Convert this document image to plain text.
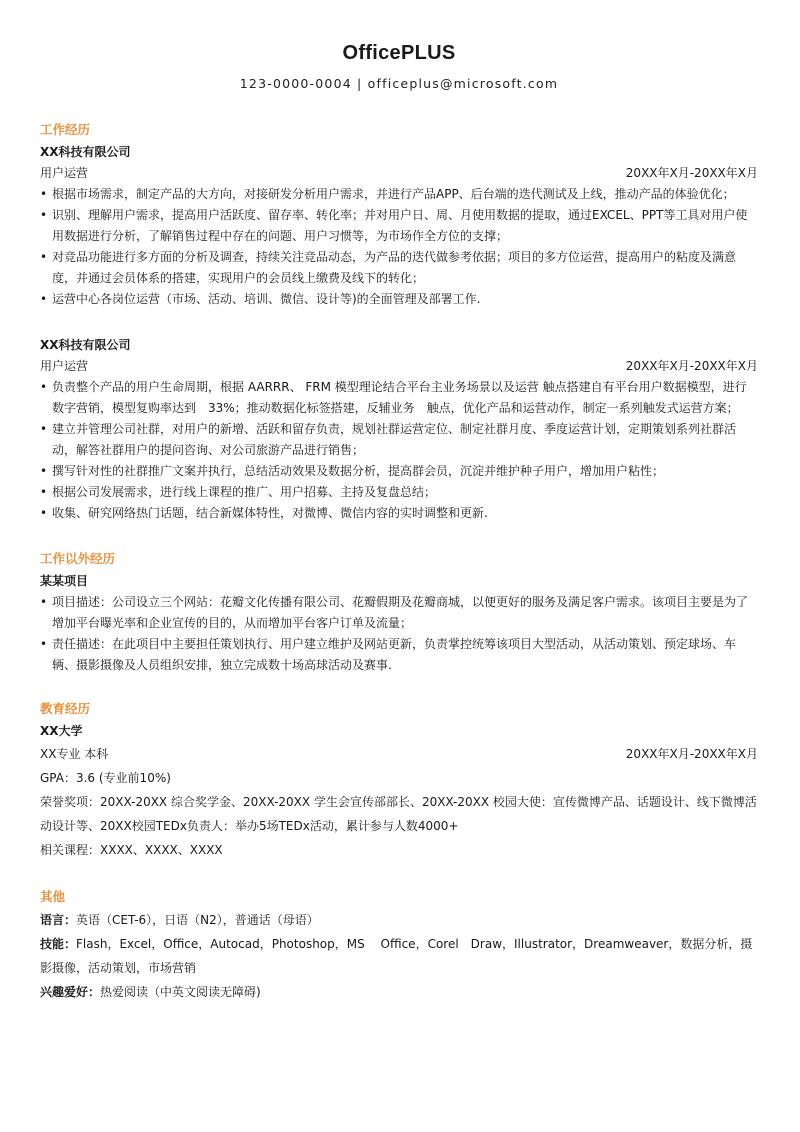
OfficePLUS
123-0000-0004 | officeplus@microsoft.com
工作经历
XX科技有限公司
用户运营	20XX年X月-20XX年X月
• 根据市场需求，制定产品的大方向，对接研发分析用户需求，并进行产品APP、后台端的迭代测试及上线，推动产品的体验优化；
• 识别、理解用户需求，提高用户活跃度、留存率、转化率；并对用户日、周、月使用数据的提取，通过EXCEL、PPT等工具对用户使用数据进行分析，了解销售过程中存在的问题、用户习惯等，为市场作全方位的支撑；
• 对竞品功能进行多方面的分析及调查，持续关注竞品动态，为产品的迭代做参考依据；项目的多方位运营，提高用户的粘度及满意度，并通过会员体系的搭建，实现用户的会员线上缴费及线下的转化；
• 运营中心各岗位运营（市场、活动、培训、微信、设计等)的全面管理及部署工作.
XX科技有限公司
用户运营	20XX年X月-20XX年X月
• 负责整个产品的用户生命周期，根据 AARRR、 FRM 模型理论结合平台主业务场景以及运营 触点搭建自有平台用户数据模型，进行数字营销，模型复购率达到　33%；推动数据化标签搭建，反辅业务　触点，优化产品和运营动作，制定一系列触发式运营方案；
• 建立并管理公司社群，对用户的新增、活跃和留存负责，规划社群运营定位、制定社群月度、季度运营计划，定期策划系列社群活动，解答社群用户的提问咨询、对公司旅游产品进行销售；
• 撰写针对性的社群推广文案并执行，总结活动效果及数据分析，提高群会员，沉淀并维护种子用户，增加用户粘性；
• 根据公司发展需求，进行线上课程的推广、用户招募、主持及复盘总结；
• 收集、研究网络热门话题，结合新媒体特性，对微博、微信内容的实时调整和更新.
工作以外经历
某某项目
• 项目描述：公司设立三个网站：花瓣文化传播有限公司、花瓣假期及花瓣商城，以便更好的服务及满足客户需求。该项目主要是为了增加平台曝光率和企业宣传的目的，从而增加平台客户订单及流量；
• 责任描述：在此项目中主要担任策划执行、用户建立维护及网站更新，负责掌控统筹该项目大型活动，从活动策划、预定球场、车辆、摄影摄像及人员组织安排，独立完成数十场高球活动及赛事.
教育经历
XX大学
XX专业 本科	20XX年X月-20XX年X月
GPA：3.6 (专业前10%)
荣誉奖项：20XX-20XX 综合奖学金、20XX-20XX 学生会宣传部部长、20XX-20XX 校园大使：宣传微博产品、话题设计、线下微博活动设计等、20XX校园TEDx负责人：举办5场TEDx活动，累计参与人数4000+
相关课程：XXXX、XXXX、XXXX
其他
语言：英语（CET-6），日语（N2），普通话（母语）
技能：Flash，Excel，Office，Autocad，Photoshop，MS　 Office，Corel　Draw，Illustrator，Dreamweaver，数据分析，摄影摄像，活动策划，市场营销
兴趣爱好：热爱阅读（中英文阅读无障碍)
